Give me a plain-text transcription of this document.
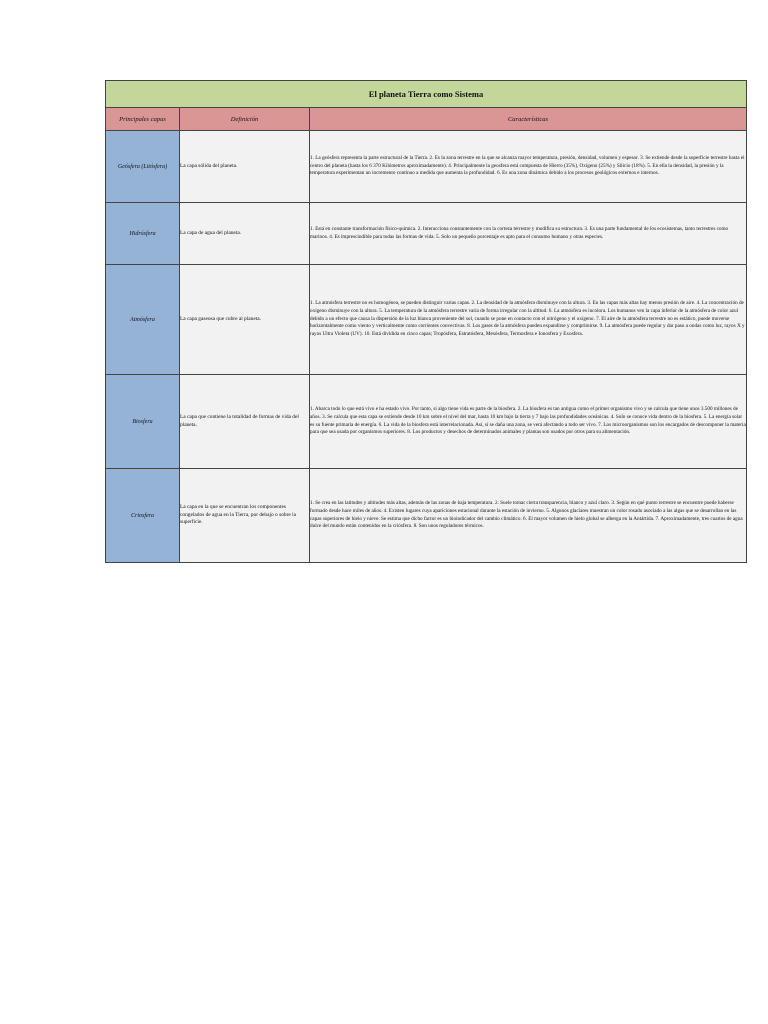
El planeta Tierra como Sistema		
Principales capas	Definición	Características
Geósfera (Litósfera)	La capa sólida del planeta.	1. La geósfera representa la parte estructural de la Tierra. 2. Es la zona terrestre en la que se alcanza mayor temperatura, presión, densidad, volumen y espesor. 3. Se extiende desde la superficie terrestre hasta el centro del planeta (hasta los 6 370 Kilómetros aproximadamente). 4. Principalmente la geosfera está compuesta de Hierro (35%), Oxígeno (25%) y Silicio (18%). 5. En ella la densidad, la presión y la temperatura experimentan un incremento continuo a medida que aumenta la profundidad. 6. Es una zona dinámica debido a los procesos geológicos externos e internos.
Hidrósfera	La capa de agua del planeta.	1. Está en constante transformación físico-química. 2. Interacciona constantemente con la corteza terrestre y modifica su estructura. 3. Es una parte fundamental de los ecosistemas, tanto terrestres como marinos. 4. Es imprescindible para todas las formas de vida. 5. Solo un pequeño porcentaje es apto para el consumo humano y otras especies.
Atmósfera	La capa gaseosa que cubre al planeta.	1. La atmósfera terrestre no es homogénea, se pueden distinguir varias capas. 2. La densidad de la atmósfera disminuye con la altura. 3. En las capas más altas hay menos presión de aire. 4. La concentración de oxígeno disminuye con la altura. 5. La temperatura de la atmósfera terrestre varía de forma irregular con la altitud. 6. La atmósfera es incolora. Los humanos ven la capa inferior de la atmósfera de color azul debido a un efecto que causa la dispersión de la luz blanca proveniente del sol, cuando se pone en contacto con el nitrógeno y el oxígeno. 7. El aire de la atmósfera terrestre no es estático, puede moverse horizontalmente como viento y verticalmente como corrientes convectivas. 8. Los gases de la atmósfera pueden expandirse y comprimirse. 9. La atmósfera puede regular y dar paso a ondas como luz, rayos X y rayos Ultra Violeta (UV). 10. Está dividida en cinco capas; Tropósfera, Estratósfera, Mesósfera, Termosfera e Ionosfera y Exosfera.
Biosfera	La capa que contiene la totalidad de formas de vida del planeta.	1. Abarca todo lo que está vivo e ha estado vivo. Por tanto, si algo tiene vida es parte de la biosfera. 2. La biosfera es tan antigua como el primer organismo vivo y se calcula que tiene unos 3.500 millones de años. 3. Se calcula que esta capa se extiende desde 10 km sobre el nivel del mar, hasta 10 km bajo la tierra y 7 bajo las profundidades oceánicas. 4. Solo se conoce vida dentro de la biosfera. 5. La energía solar es su fuente primaria de energía. 6. La vida de la biosfera está interrelacionada. Así, si se daña una zona, se verá afectando a todo ser vivo. 7. Los microorganismos son los encargados de descomponer la materia para que sea usada por organismos superiores. 8. Los productos y desechos de determinados animales y plantas son usados por otros para su alimentación.
Criosfera	La capa en la que se encuentran los componentes congelados de agua en la Tierra, por debajo o sobre la superficie.	1. Se crea en las latitudes y altitudes más altas, además de las zonas de baja temperatura. 2. Suele tomar cierta transparencia, blanco y azul claro. 3. Según en qué punto terrestre se encuentre puede haberse formado desde hace miles de años. 4. Existen lugares cuya apariciones estacional durante la estación de invierno. 5. Algunos glaciares muestran un color rosado asociado a las algas que se desarrollan en las capas superiores de hielo y nieve. Se estima que dicho factor es un bioindicador del cambio climático. 6. El mayor volumen de hielo global se alberga en la Antártida. 7. Aproximadamente, tres cuartos de agua dulce del mundo están contenidos en la criósfera. 8. Son unos reguladores térmicos.
